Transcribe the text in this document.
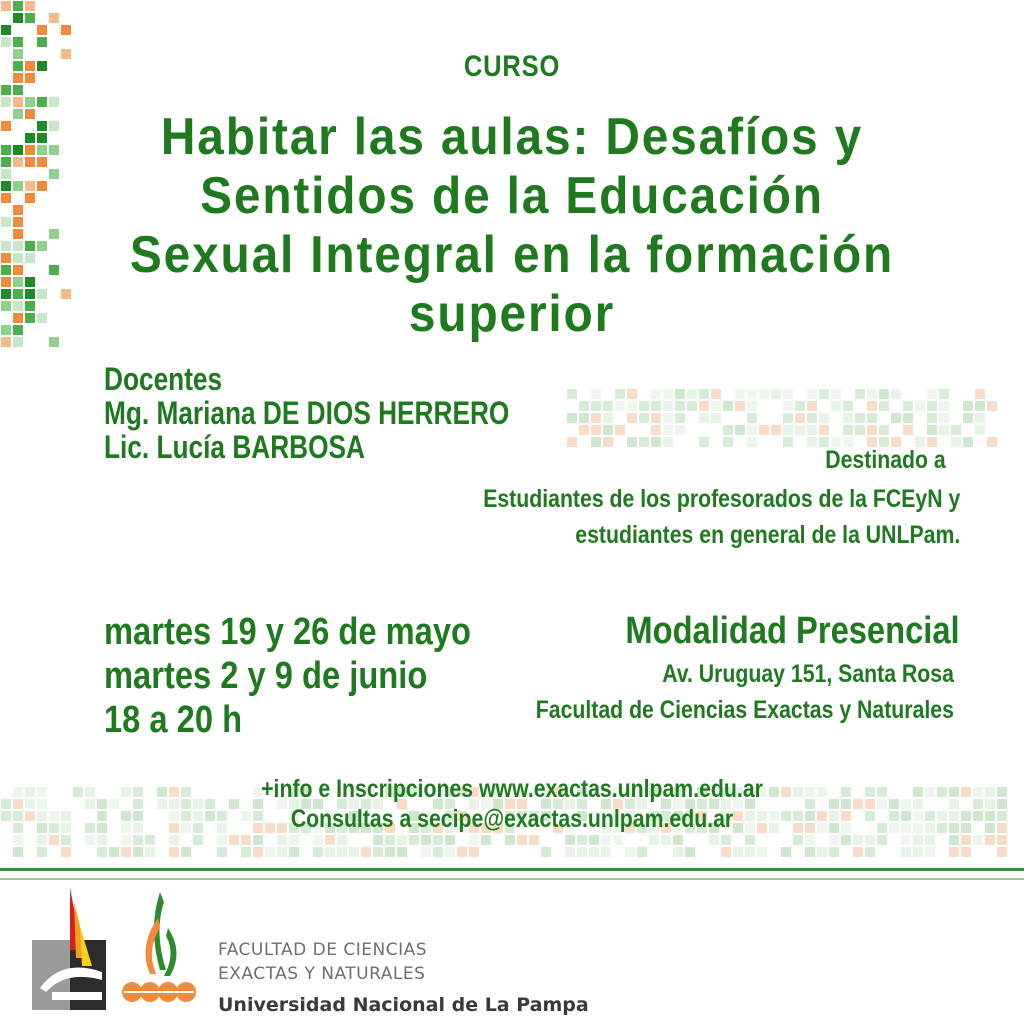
CURSO
Habitar las aulas: Desafíos y
Sentidos de la Educación
Sexual Integral en la formación
superior
Docentes
Mg. Mariana DE DIOS HERRERO
Lic. Lucía BARBOSA	Destinado a
Estudiantes de los profesorados de la FCEyN y
estudiantes en general de la UNLPam.
martes 19 y 26 de mayo
martes 2 y 9 de junio
18 a 20 h
Modalidad Presencial
Av. Uruguay 151, Santa Rosa
Facultad de Ciencias Exactas y Naturales
+info e Inscripciones www.exactas.unlpam.edu.ar
Consultas a secipe@exactas.unlpam.edu.ar
FACULTAD DE CIENCIAS
EXACTAS Y NATURALES
Universidad Nacional de La Pampa
